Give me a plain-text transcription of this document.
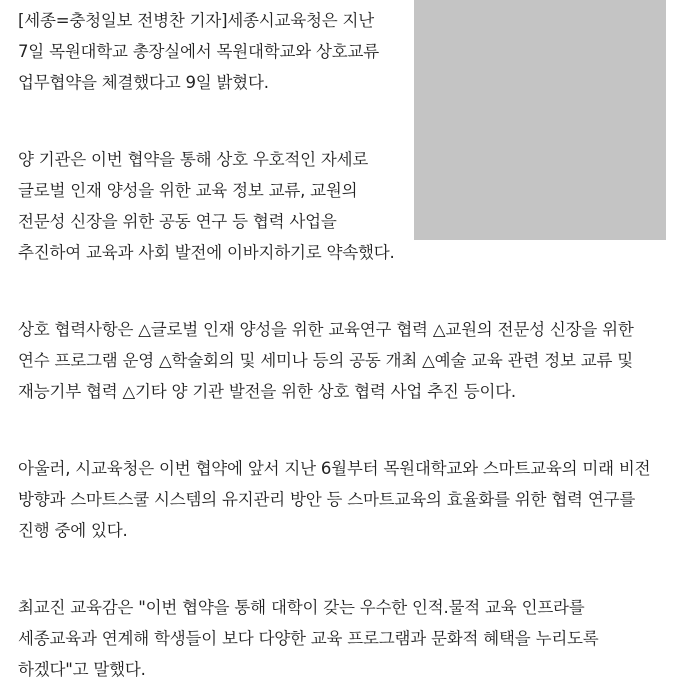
[세종=충청일보 전병찬 기자]세종시교육청은 지난 7일 목원대학교 총장실에서 목원대학교와 상호교류 업무협약을 체결했다고 9일 밝혔다.

양 기관은 이번 협약을 통해 상호 우호적인 자세로 글로벌 인재 양성을 위한 교육 정보 교류, 교원의 전문성 신장을 위한 공동 연구 등 협력 사업을 추진하여 교육과 사회 발전에 이바지하기로 약속했다.

상호 협력사항은 △글로벌 인재 양성을 위한 교육연구 협력 △교원의 전문성 신장을 위한 연수 프로그램 운영 △학술회의 및 세미나 등의 공동 개최 △예술 교육 관련 정보 교류 및 재능기부 협력 △기타 양 기관 발전을 위한 상호 협력 사업 추진 등이다.

아울러, 시교육청은 이번 협약에 앞서 지난 6월부터 목원대학교와 스마트교육의 미래 비전 방향과 스마트스쿨 시스템의 유지관리 방안 등 스마트교육의 효율화를 위한 협력 연구를 진행 중에 있다.

최교진 교육감은 "이번 협약을 통해 대학이 갖는 우수한 인적.물적 교육 인프라를 세종교육과 연계해 학생들이 보다 다양한 교육 프로그램과 문화적 혜택을 누리도록 하겠다"고 말했다.
